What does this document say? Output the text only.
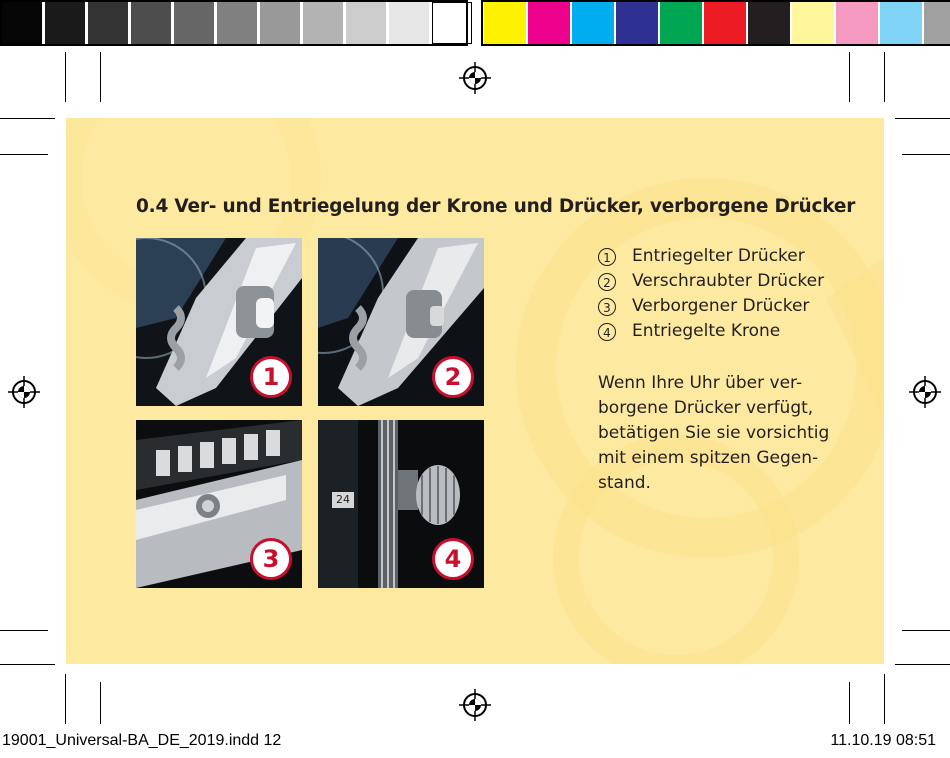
0.4 Ver- und Entriegelung der Krone und Drücker, verborgene Drücker
1	2
3
24
4
1	Entriegelter Drücker
2	Verschraubter Drücker
3	Verborgener Drücker
4	Entriegelte Krone
Wenn Ihre Uhr über ver-
borgene Drücker verfügt,
betätigen Sie sie vorsichtig
mit einem spitzen Gegen-
stand.
19001_Universal-BA_DE_2019.indd 12	11.10.19 08:51
